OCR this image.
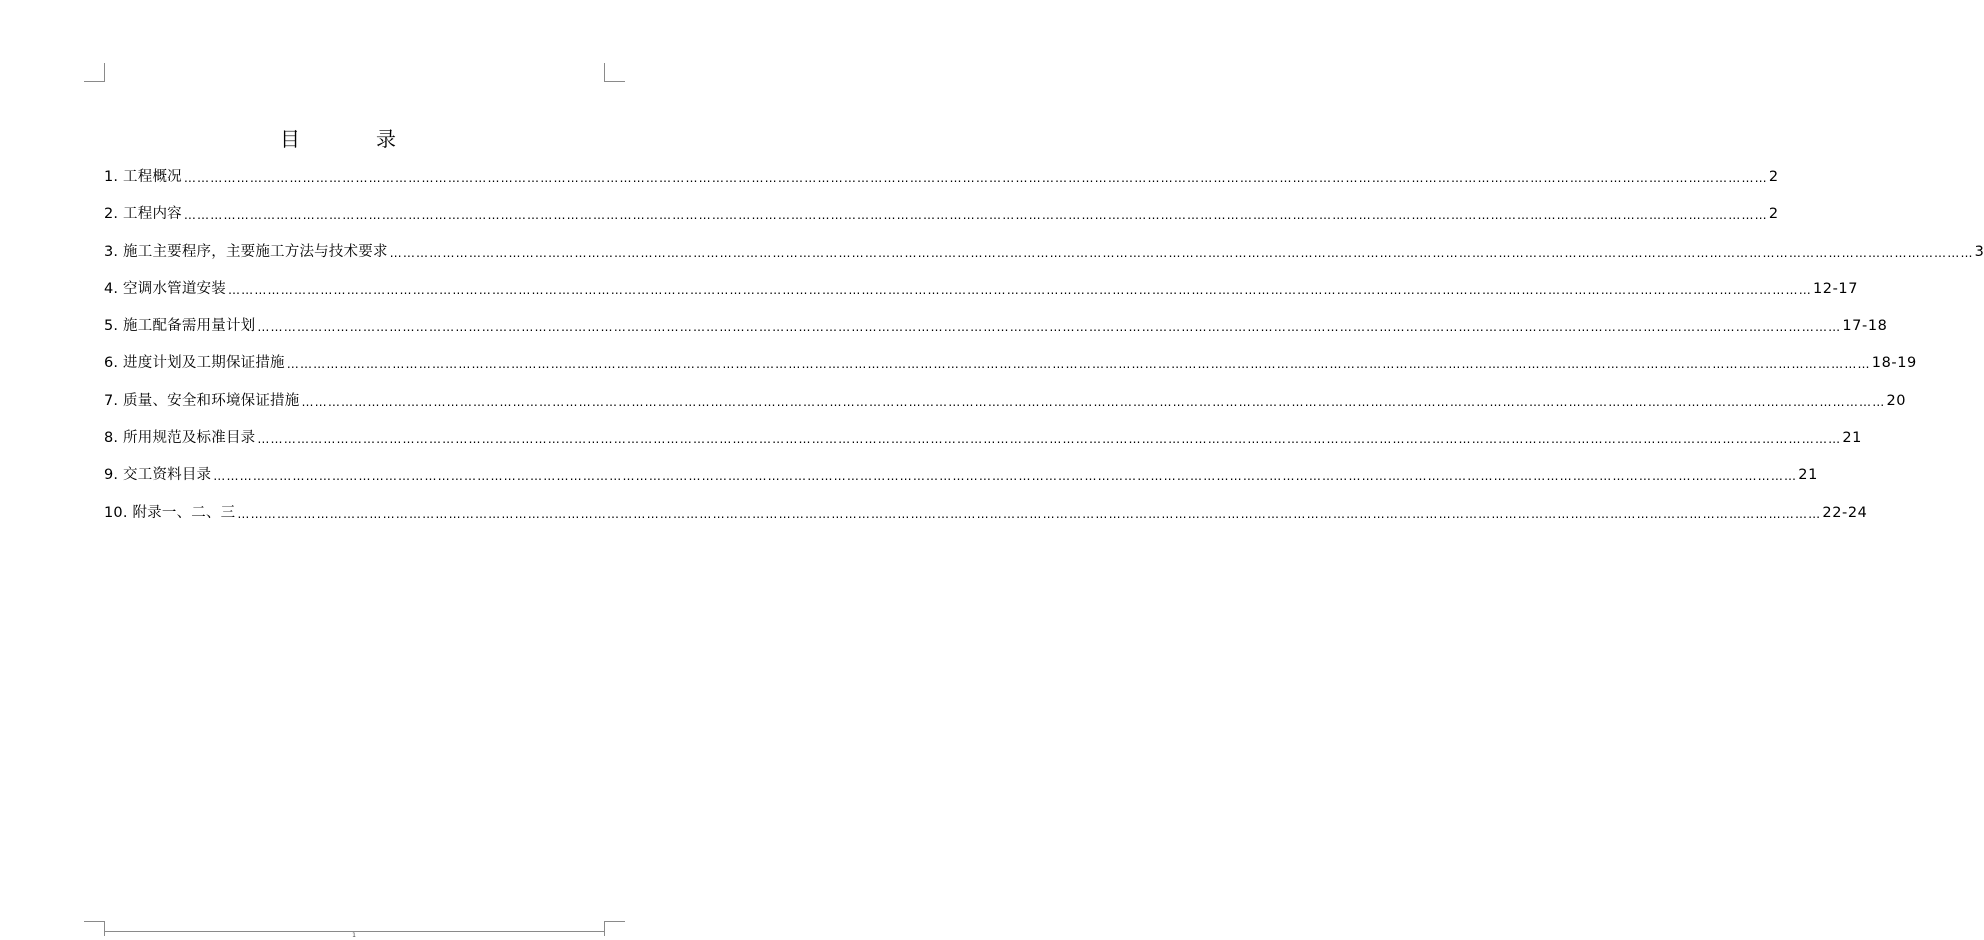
目	录
1. 工程概况 ……………………………………………………………………………………………………………………………………………………………………………………………………………………………………………………………………………………………………………………………… 2
2. 工程内容 ……………………………………………………………………………………………………………………………………………………………………………………………………………………………………………………………………………………………………………………………… 2
3. 施工主要程序，主要施工方法与技术要求 ……………………………………………………………………………………………………………………………………………………………………………………………………………………………………………………………………………………………………………………………… 3
4. 空调水管道安装 ……………………………………………………………………………………………………………………………………………………………………………………………………………………………………………………………………………………………………………………………… 12-17
5. 施工配备需用量计划 ……………………………………………………………………………………………………………………………………………………………………………………………………………………………………………………………………………………………………………………………… 17-18
6. 进度计划及工期保证措施 ……………………………………………………………………………………………………………………………………………………………………………………………………………………………………………………………………………………………………………………………… 18-19
7. 质量、安全和环境保证措施 ……………………………………………………………………………………………………………………………………………………………………………………………………………………………………………………………………………………………………………………………… 20
8. 所用规范及标准目录 ……………………………………………………………………………………………………………………………………………………………………………………………………………………………………………………………………………………………………………………………… 21
9. 交工资料目录 ……………………………………………………………………………………………………………………………………………………………………………………………………………………………………………………………………………………………………………………………… 21
10. 附录一、二、三 ……………………………………………………………………………………………………………………………………………………………………………………………………………………………………………………………………………………………………………………………… 22-24
1
